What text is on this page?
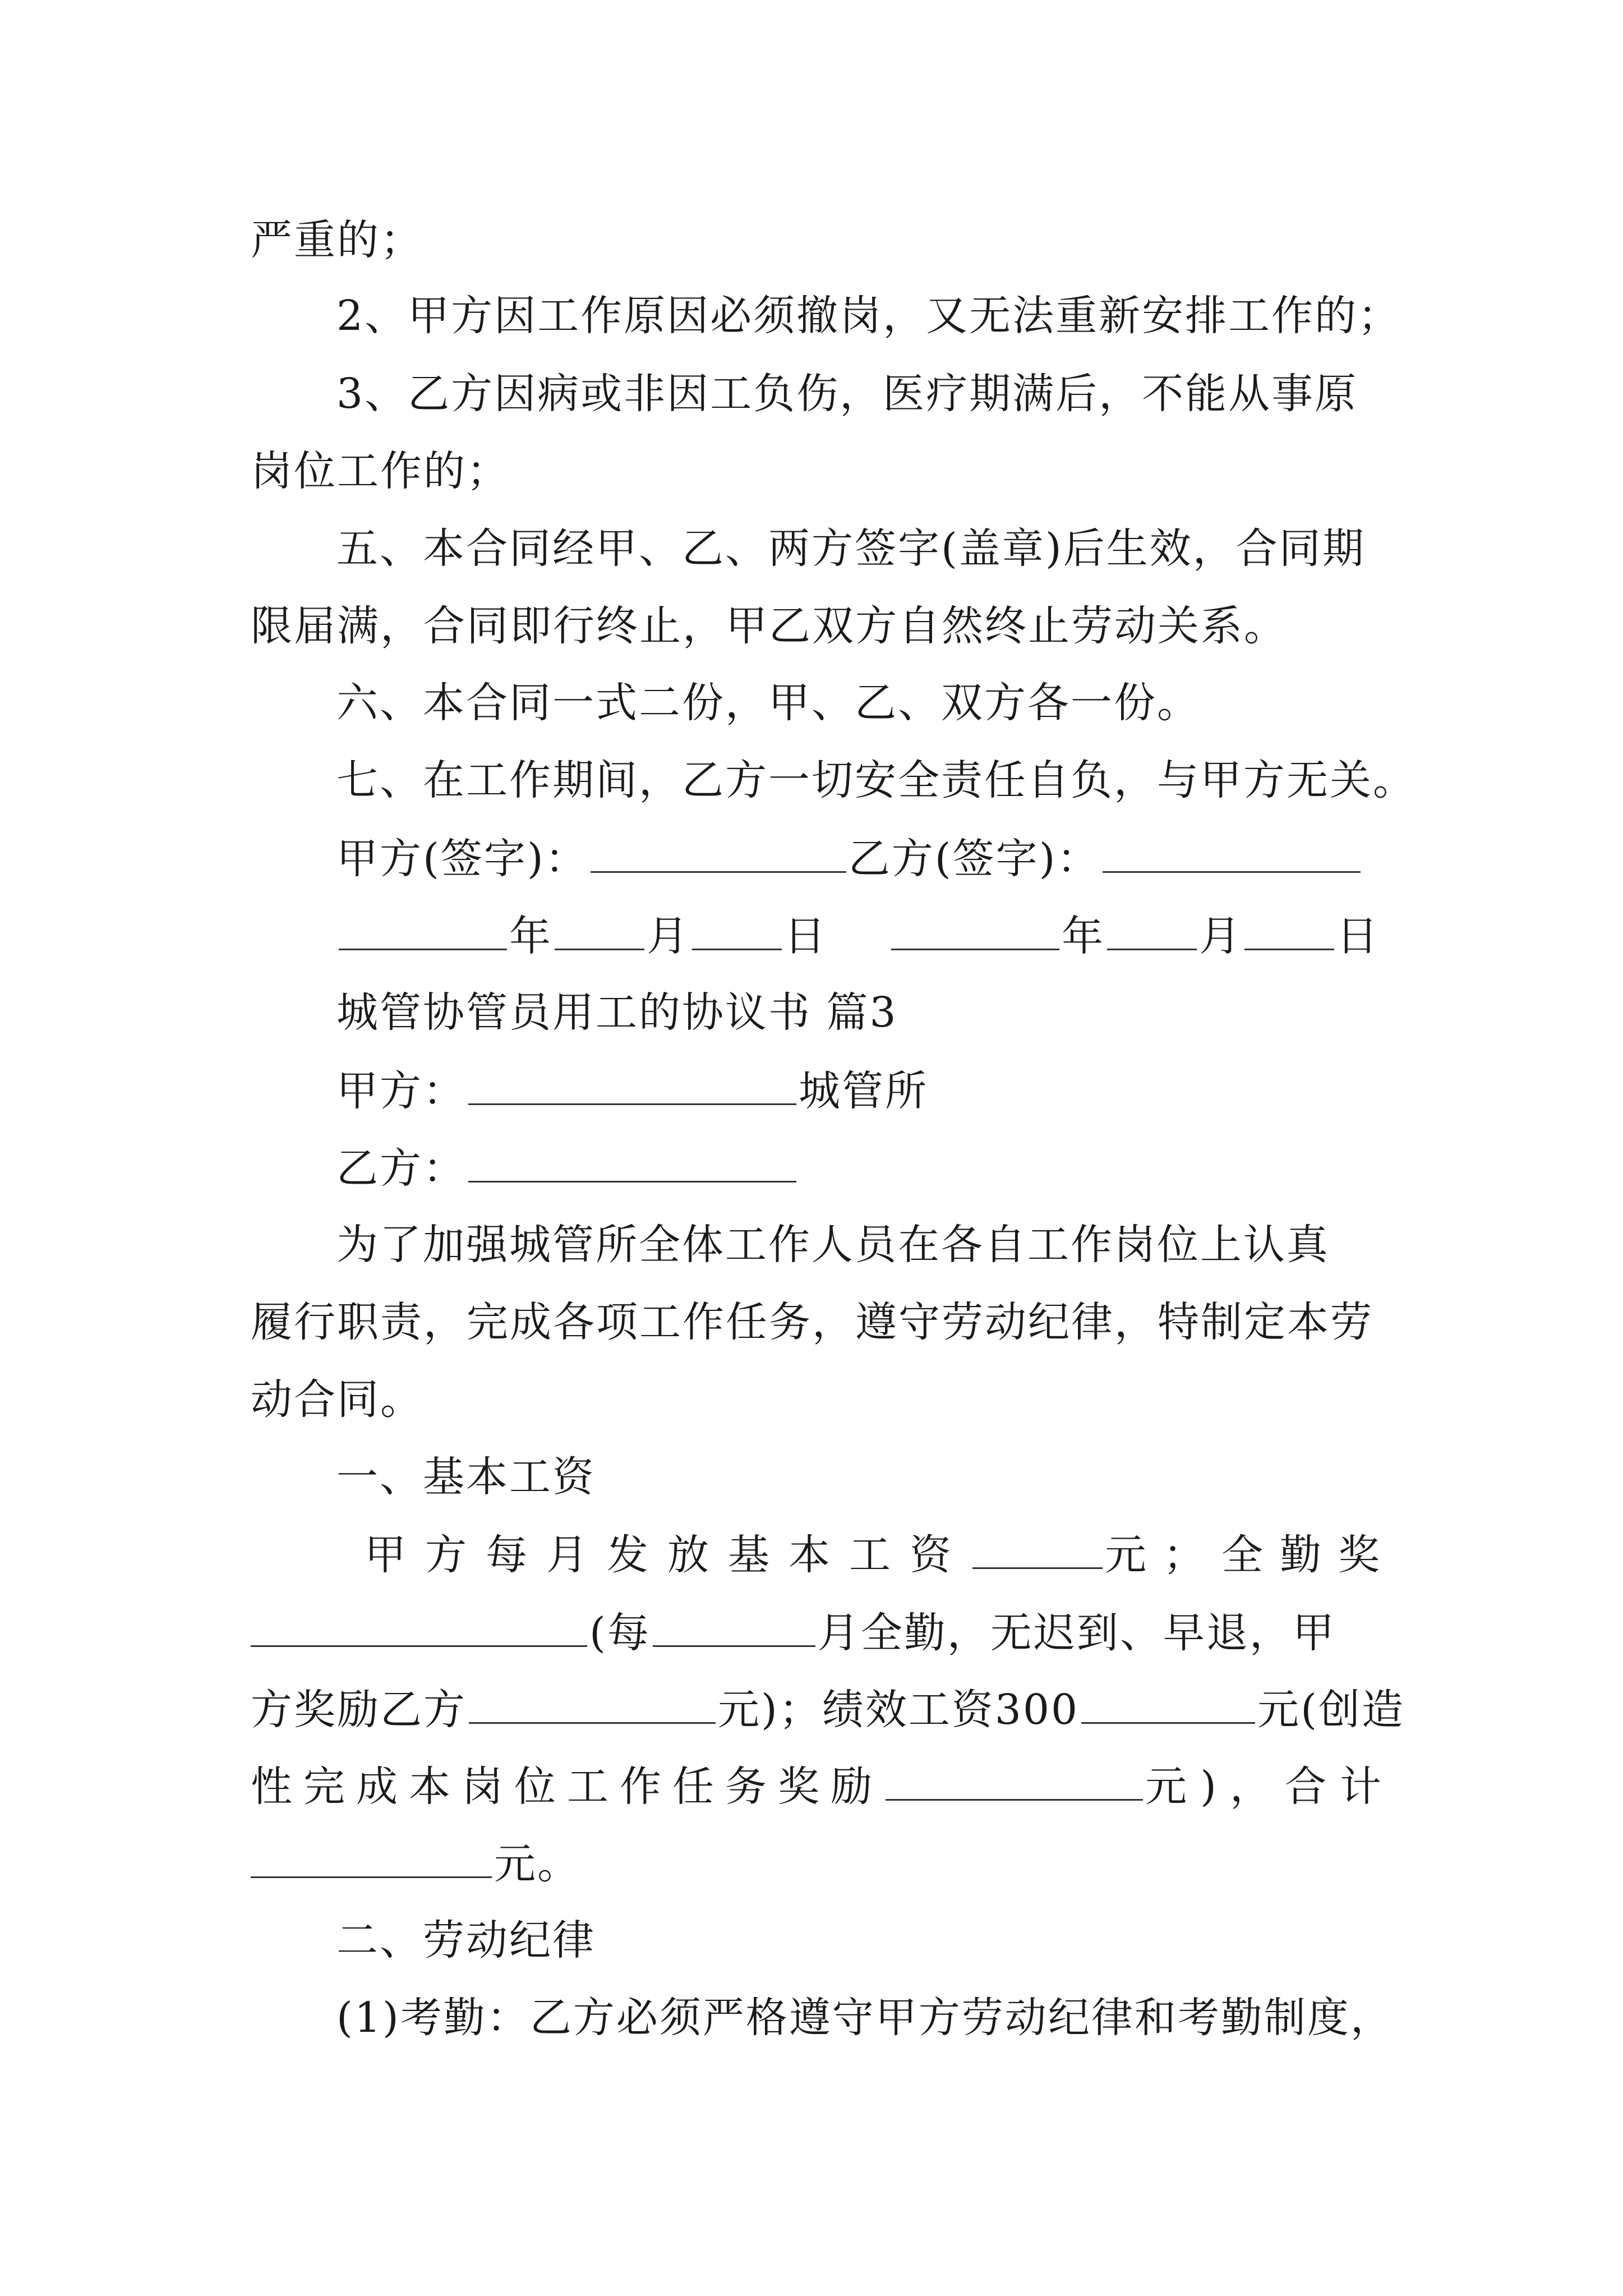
严重的；
2、甲方因工作原因必须撤岗，又无法重新安排工作的；
3、乙方因病或非因工负伤，医疗期满后，不能从事原
岗位工作的；
五、本合同经甲、乙、两方签字(盖章)后生效，合同期
限届满，合同即行终止，甲乙双方自然终止劳动关系。
六、本合同一式二份，甲、乙、双方各一份。
七、在工作期间，乙方一切安全责任自负，与甲方无关。
甲方(签字)：	乙方(签字)：
年 月 日	年 月 日
城管协管员用工的协议书 篇3
甲方：	城管所
乙方：
为了加强城管所全体工作人员在各自工作岗位上认真
履行职责，完成各项工作任务，遵守劳动纪律，特制定本劳
动合同。
一、基本工资
甲方每月发放基本工资	元；全勤奖
(每	月全勤，无迟到、早退，甲
方奖励乙方	元)；绩效工资300	元(创造
性完成本岗位工作任务奖励	元)，合计
元。
二、劳动纪律
(1)考勤：乙方必须严格遵守甲方劳动纪律和考勤制度，
